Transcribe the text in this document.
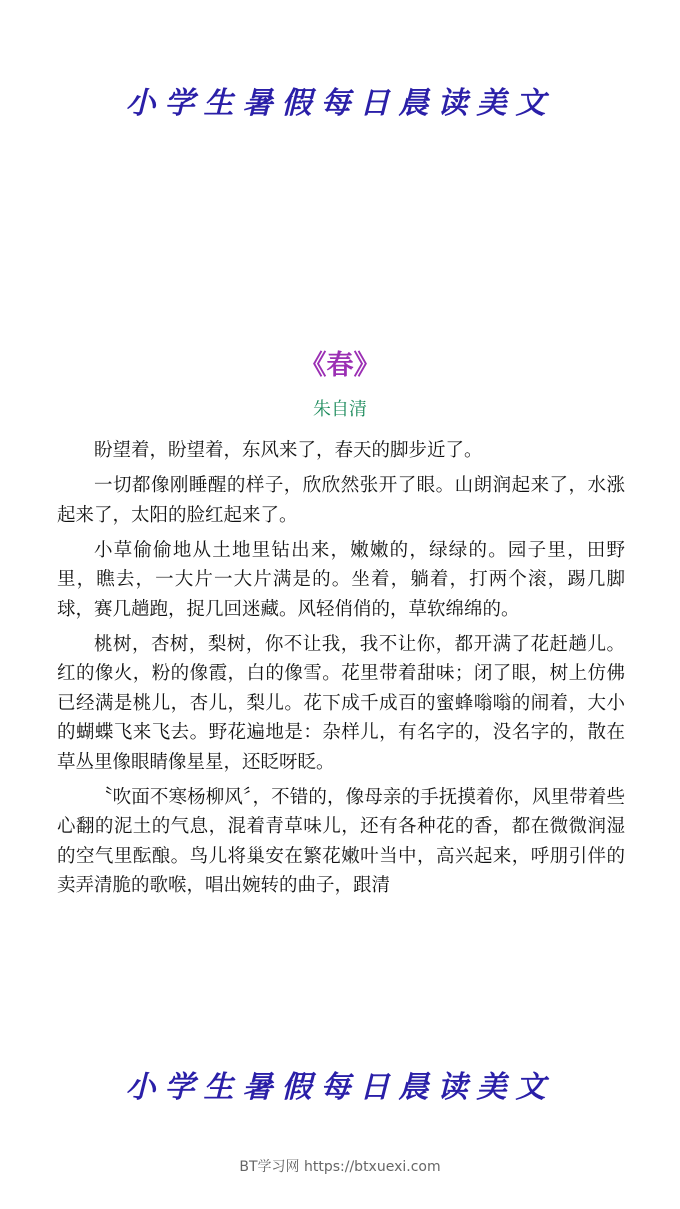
小学生暑假每日晨读美文
《春》
朱自清

盼望着，盼望着，东风来了，春天的脚步近了。

一切都像刚睡醒的样子，欣欣然张开了眼。山朗润起来了，水涨起来了，太阳的脸红起来了。

小草偷偷地从土地里钻出来，嫩嫩的，绿绿的。园子里，田野里，瞧去，一大片一大片满是的。坐着，躺着，打两个滚，踢几脚球，赛几趟跑，捉几回迷藏。风轻俏俏的，草软绵绵的。

桃树，杏树，梨树，你不让我，我不让你，都开满了花赶趟儿。红的像火，粉的像霞，白的像雪。花里带着甜味；闭了眼，树上仿佛已经满是桃儿，杏儿，梨儿。花下成千成百的蜜蜂嗡嗡的闹着，大小的蝴蝶飞来飞去。野花遍地是：杂样儿，有名字的，没名字的，散在草丛里像眼睛像星星，还眨呀眨。

〝吹面不寒杨柳风〞，不错的，像母亲的手抚摸着你，风里带着些心翻的泥土的气息，混着青草味儿，还有各种花的香，都在微微润湿的空气里酝酿。鸟儿将巢安在繁花嫩叶当中，高兴起来，呼朋引伴的卖弄清脆的歌喉，唱出婉转的曲子，跟清

小学生暑假每日晨读美文
BT学习网 https://btxuexi.com
